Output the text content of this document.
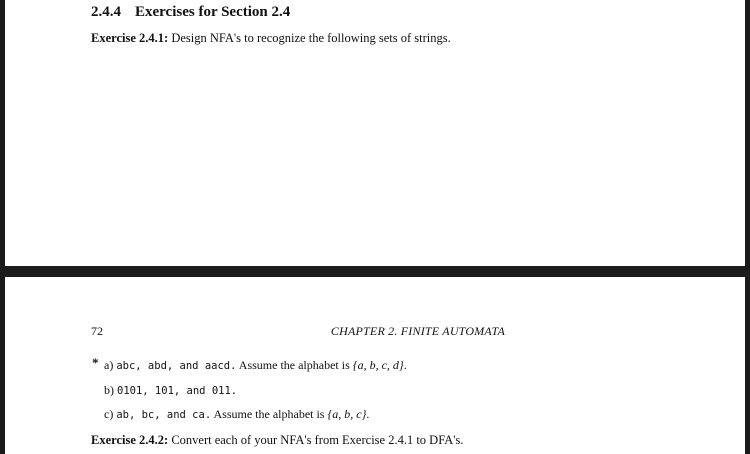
2.4.4 Exercises for Section 2.4
Exercise 2.4.1: Design NFA's to recognize the following sets of strings.
72	CHAPTER 2. FINITE AUTOMATA
* a) abc, abd, and aacd. Assume the alphabet is {a, b, c, d}.
b) 0101, 101, and 011.
c) ab, bc, and ca. Assume the alphabet is {a, b, c}.
Exercise 2.4.2: Convert each of your NFA's from Exercise 2.4.1 to DFA's.
